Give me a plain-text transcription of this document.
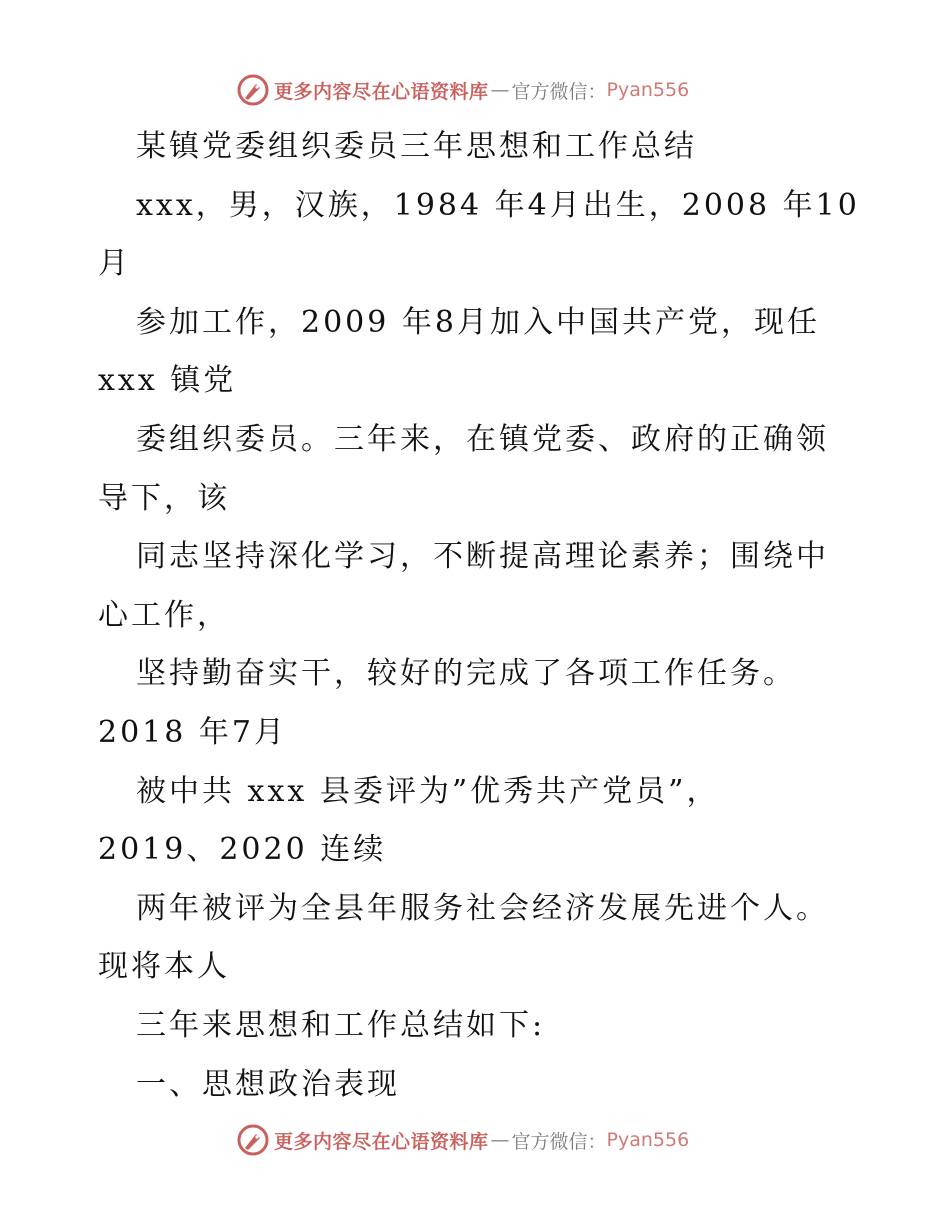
更多内容尽在心语资料库 — 官方微信： Pyan556
某镇党委组织委员三年思想和工作总结
xxx，男，汉族，1984 年4月出生，2008 年10
月
参加工作，2009 年8月加入中国共产党，现任
xxx 镇党
委组织委员。三年来，在镇党委、政府的正确领
导下，该
同志坚持深化学习，不断提高理论素养；围绕中
心工作，
坚持勤奋实干，较好的完成了各项工作任务。
2018 年7月
被中共 xxx 县委评为”优秀共产党员”，
2019、2020 连续
两年被评为全县年服务社会经济发展先进个人。
现将本人
三年来思想和工作总结如下:
一、思想政治表现
更多内容尽在心语资料库 — 官方微信： Pyan556
